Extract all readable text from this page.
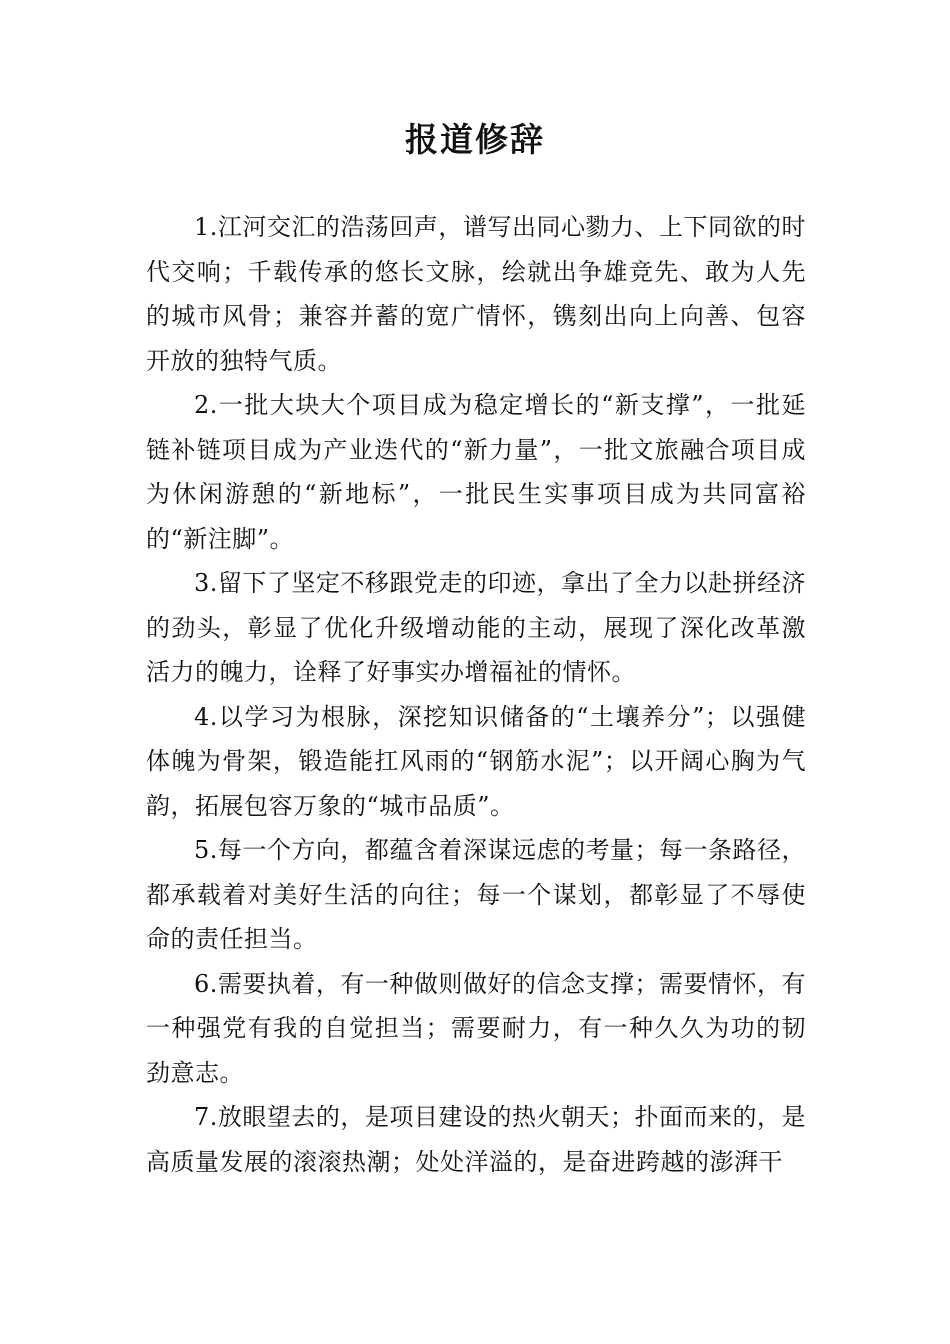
报道修辞

1.江河交汇的浩荡回声，谱写出同心勠力、上下同欲的时代交响；千载传承的悠长文脉，绘就出争雄竞先、敢为人先的城市风骨；兼容并蓄的宽广情怀，镌刻出向上向善、包容开放的独特气质。

2.一批大块大个项目成为稳定增长的“新支撑”，一批延链补链项目成为产业迭代的“新力量”，一批文旅融合项目成为休闲游憩的“新地标”，一批民生实事项目成为共同富裕的“新注脚”。

3.留下了坚定不移跟党走的印迹，拿出了全力以赴拼经济的劲头，彰显了优化升级增动能的主动，展现了深化改革激活力的魄力，诠释了好事实办增福祉的情怀。

4.以学习为根脉，深挖知识储备的“土壤养分”；以强健体魄为骨架，锻造能扛风雨的“钢筋水泥”；以开阔心胸为气韵，拓展包容万象的“城市品质”。

5.每一个方向，都蕴含着深谋远虑的考量；每一条路径，都承载着对美好生活的向往；每一个谋划，都彰显了不辱使命的责任担当。

6.需要执着，有一种做则做好的信念支撑；需要情怀，有一种强党有我的自觉担当；需要耐力，有一种久久为功的韧劲意志。

7.放眼望去的，是项目建设的热火朝天；扑面而来的，是高质量发展的滚滚热潮；处处洋溢的，是奋进跨越的澎湃干
